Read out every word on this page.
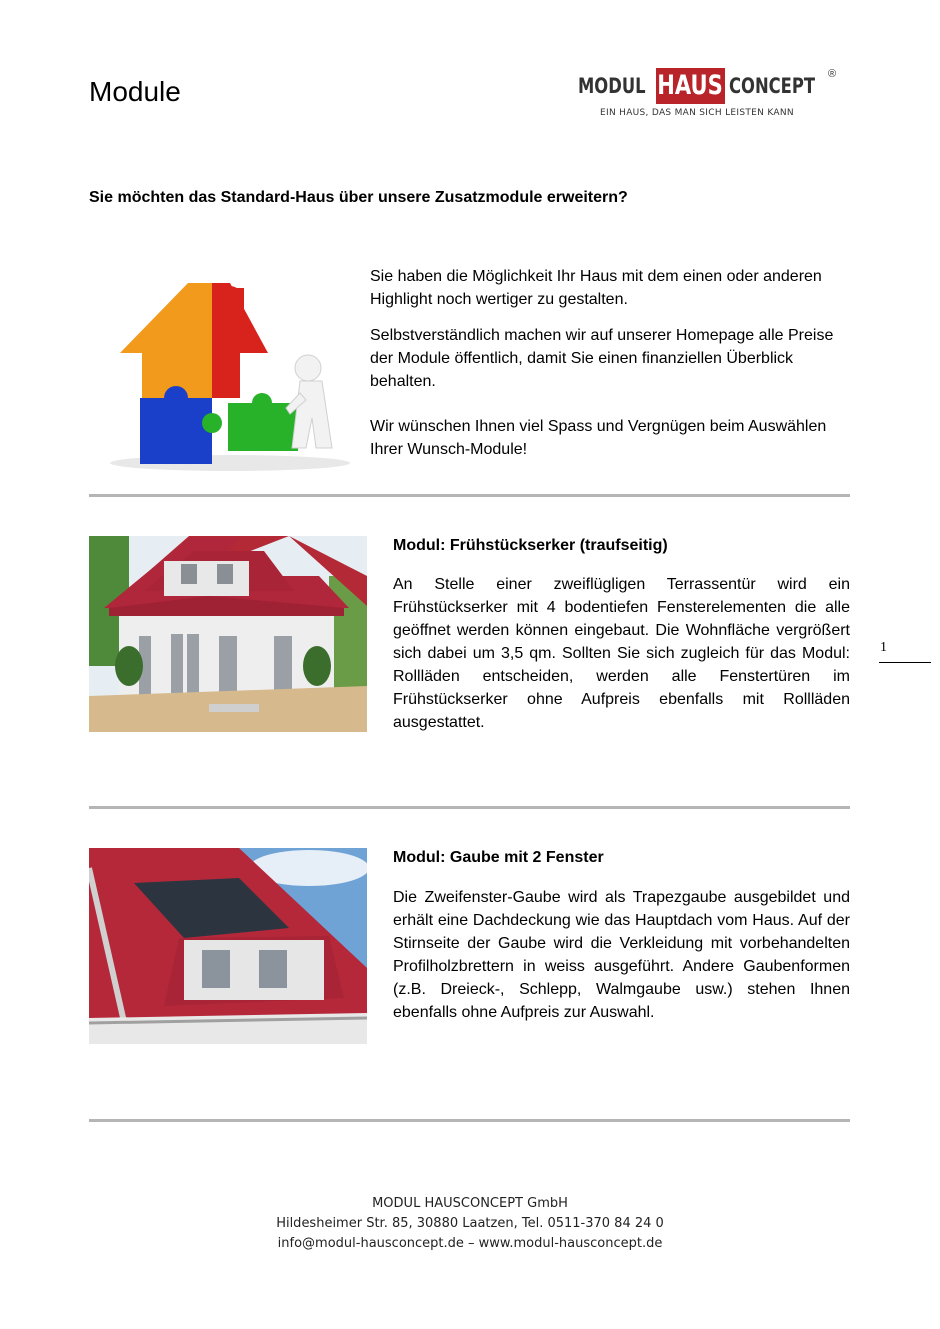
Module	MODUL HAUS CONCEPT ®
EIN HAUS, DAS MAN SICH LEISTEN KANN
Sie möchten das Standard-Haus über unsere Zusatzmodule erweitern?

Sie haben die Möglichkeit Ihr Haus mit dem einen oder anderen Highlight noch wertiger zu gestalten.

Selbstverständlich machen wir auf unserer Homepage alle Preise der Module öffentlich, damit Sie einen finanziellen Überblick behalten.

Wir wünschen Ihnen viel Spass und Vergnügen beim Auswählen Ihrer Wunsch-Module!

Modul: Frühstückserker (traufseitig)
An Stelle einer zweiflügligen Terrassentür wird ein Frühstückserker mit 4 bodentiefen Fensterelementen die alle geöffnet werden können eingebaut. Die Wohnfläche vergrößert sich dabei um 3,5 qm. Sollten Sie sich zugleich für das Modul: Rollläden entscheiden, werden alle Fenstertüren im Frühstückserker ohne Aufpreis ebenfalls mit Rollläden ausgestattet.
Modul: Gaube mit 2 Fenster
Die Zweifenster-Gaube wird als Trapezgaube ausgebildet und erhält eine Dachdeckung wie das Hauptdach vom Haus. Auf der Stirnseite der Gaube wird die Verkleidung mit vorbehandelten Profilholzbrettern in weiss ausgeführt. Andere Gaubenformen (z.B. Dreieck-, Schlepp, Walmgaube usw.) stehen Ihnen ebenfalls ohne Aufpreis zur Auswahl.
1
MODUL HAUSCONCEPT GmbH
Hildesheimer Str. 85, 30880 Laatzen, Tel. 0511-370 84 24 0
info@modul-hausconcept.de – www.modul-hausconcept.de
